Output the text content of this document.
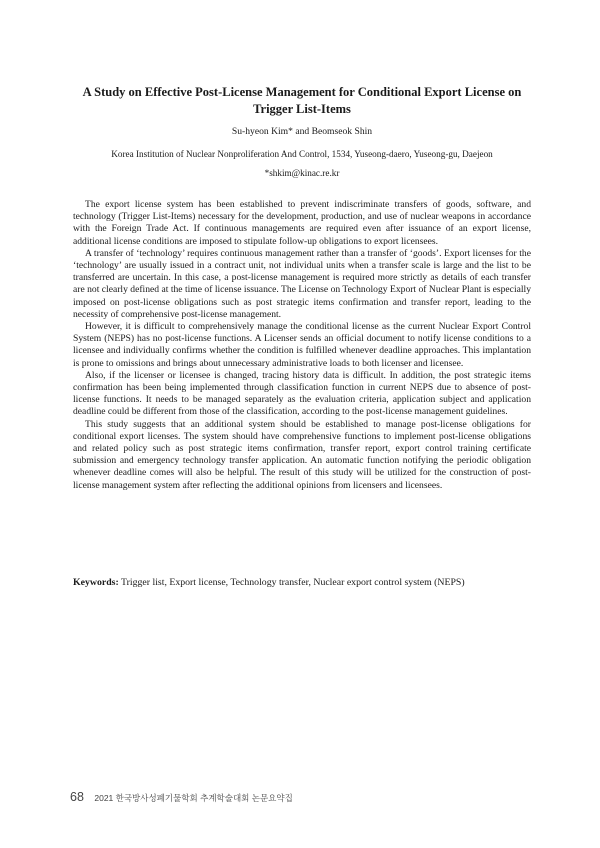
A Study on Effective Post-License Management for Conditional Export License on Trigger List-Items

Su-hyeon Kim* and Beomseok Shin

Korea Institution of Nuclear Nonproliferation And Control, 1534, Yuseong-daero, Yuseong-gu, Daejeon

*shkim@kinac.re.kr

The export license system has been established to prevent indiscriminate transfers of goods, software, and technology (Trigger List-Items) necessary for the development, production, and use of nuclear weapons in accordance with the Foreign Trade Act. If continuous managements are required even after issuance of an export license, additional license conditions are imposed to stipulate follow-up obligations to export licensees.

A transfer of ‘technology’ requires continuous management rather than a transfer of ‘goods’. Export licenses for the ‘technology’ are usually issued in a contract unit, not individual units when a transfer scale is large and the list to be transferred are uncertain. In this case, a post-license management is required more strictly as details of each transfer are not clearly defined at the time of license issuance. The License on Technology Export of Nuclear Plant is especially imposed on post-license obligations such as post strategic items confirmation and transfer report, leading to the necessity of comprehensive post-license management.

However, it is difficult to comprehensively manage the conditional license as the current Nuclear Export Control System (NEPS) has no post-license functions. A Licenser sends an official document to notify license conditions to a licensee and individually confirms whether the condition is fulfilled whenever deadline approaches. This implantation is prone to omissions and brings about unnecessary administrative loads to both licenser and licensee.

Also, if the licenser or licensee is changed, tracing history data is difficult. In addition, the post strategic items confirmation has been being implemented through classification function in current NEPS due to absence of post-license functions. It needs to be managed separately as the evaluation criteria, application subject and application deadline could be different from those of the classification, according to the post-license management guidelines.

This study suggests that an additional system should be established to manage post-license obligations for conditional export licenses. The system should have comprehensive functions to implement post-license obligations and related policy such as post strategic items confirmation, transfer report, export control training certificate submission and emergency technology transfer application. An automatic function notifying the periodic obligation whenever deadline comes will also be helpful. The result of this study will be utilized for the construction of post-license management system after reflecting the additional opinions from licensers and licensees.

Keywords: Trigger list, Export license, Technology transfer, Nuclear export control system (NEPS)

68 2021 한국방사성폐기물학회 추계학술대회 논문요약집
